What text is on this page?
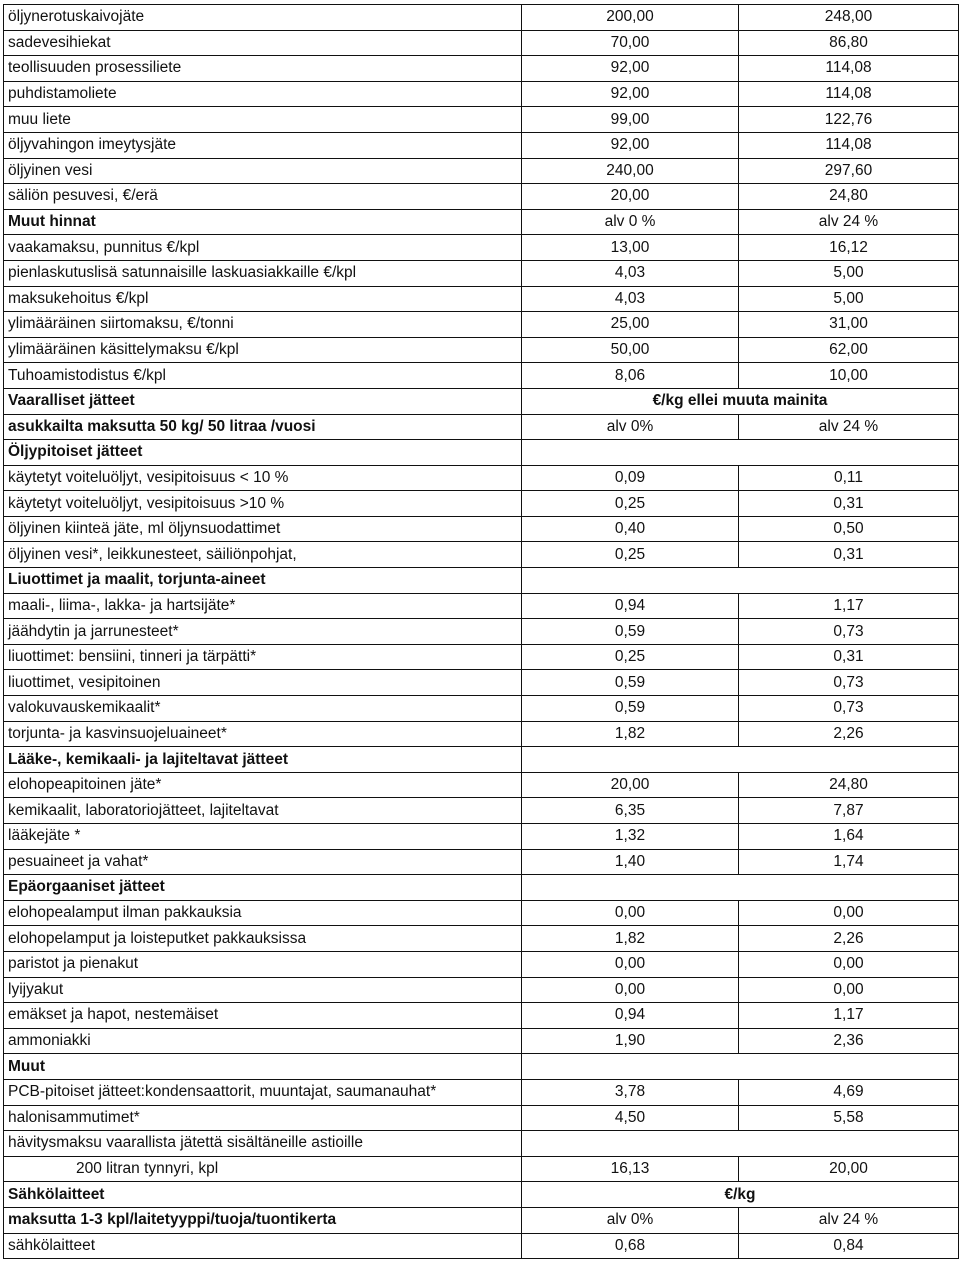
öljynerotuskaivojäte	200,00	248,00
sadevesihiekat	70,00	86,80
teollisuuden prosessiliete	92,00	114,08
puhdistamoliete	92,00	114,08
muu liete	99,00	122,76
öljyvahingon imeytysjäte	92,00	114,08
öljyinen vesi	240,00	297,60
säliön pesuvesi, €/erä	20,00	24,80
Muut hinnat	alv 0 %	alv 24 %
vaakamaksu, punnitus €/kpl	13,00	16,12
pienlaskutuslisä satunnaisille laskuasiakkaille €/kpl	4,03	5,00
maksukehoitus €/kpl	4,03	5,00
ylimääräinen siirtomaksu, €/tonni	25,00	31,00
ylimääräinen käsittelymaksu €/kpl	50,00	62,00
Tuhoamistodistus €/kpl	8,06	10,00
Vaaralliset jätteet	€/kg ellei muuta mainita	
asukkailta maksutta 50 kg/ 50 litraa /vuosi	alv 0%	alv 24 %
Öljypitoiset jätteet		
käytetyt voiteluöljyt, vesipitoisuus < 10 %	0,09	0,11
käytetyt voiteluöljyt, vesipitoisuus >10 %	0,25	0,31
öljyinen kiinteä jäte, ml öljynsuodattimet	0,40	0,50
öljyinen vesi*, leikkunesteet, säiliönpohjat,	0,25	0,31
Liuottimet ja maalit, torjunta-aineet		
maali-, liima-, lakka- ja hartsijäte*	0,94	1,17
jäähdytin ja jarrunesteet*	0,59	0,73
liuottimet: bensiini, tinneri ja tärpätti*	0,25	0,31
liuottimet, vesipitoinen	0,59	0,73
valokuvauskemikaalit*	0,59	0,73
torjunta- ja kasvinsuojeluaineet*	1,82	2,26
Lääke-, kemikaali- ja lajiteltavat jätteet		
elohopeapitoinen jäte*	20,00	24,80
kemikaalit, laboratoriojätteet, lajiteltavat	6,35	7,87
lääkejäte *	1,32	1,64
pesuaineet ja vahat*	1,40	1,74
Epäorgaaniset jätteet		
elohopealamput ilman pakkauksia	0,00	0,00
elohopelamput ja loisteputket pakkauksissa	1,82	2,26
paristot ja pienakut	0,00	0,00
lyijyakut	0,00	0,00
emäkset ja hapot, nestemäiset	0,94	1,17
ammoniakki	1,90	2,36
Muut		
PCB-pitoiset jätteet:kondensaattorit, muuntajat, saumanauhat*	3,78	4,69
halonisammutimet*	4,50	5,58
hävitysmaksu vaarallista jätettä sisältäneille astioille		
200 litran tynnyri, kpl	16,13	20,00
Sähkölaitteet	€/kg	
maksutta 1-3 kpl/laitetyyppi/tuoja/tuontikerta	alv 0%	alv 24 %
sähkölaitteet	0,68	0,84
